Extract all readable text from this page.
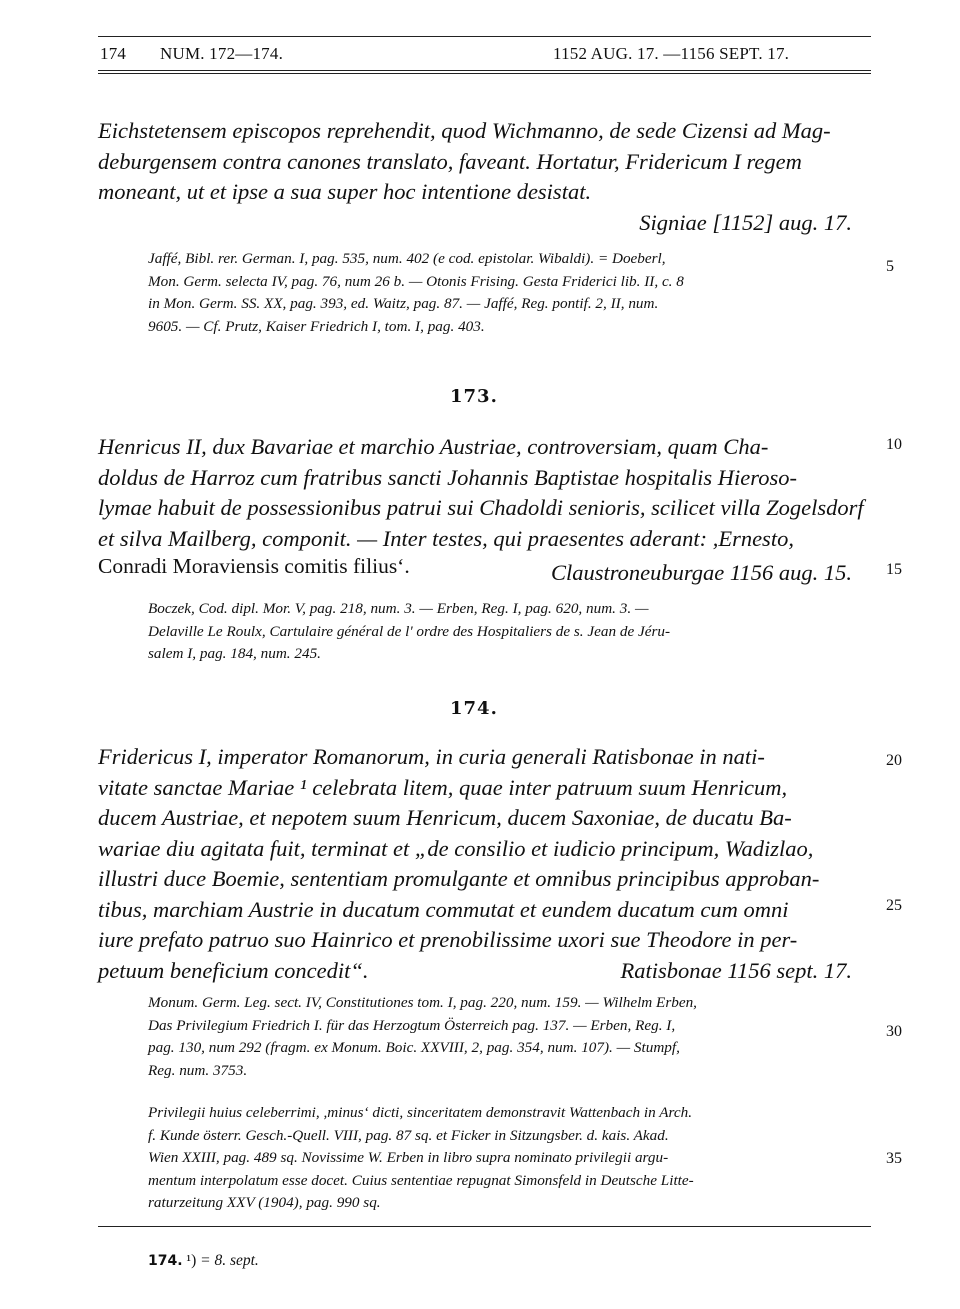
174 NUM. 172—174.	1152 AUG. 17. —1156 SEPT. 17.
Eichstetensem episcopos reprehendit, quod Wichmanno, de sede Cizensi ad Mag-
deburgensem contra canones translato, faveant. Hortatur, Fridericum I regem
moneant, ut et ipse a sua super hoc intentione desistat.
Signiae [1152] aug. 17.
Jaffé, Bibl. rer. German. I, pag. 535, num. 402 (e cod. epistolar. Wibaldi). = Doeberl,
Mon. Germ. selecta IV, pag. 76, num 26 b. — Otonis Frising. Gesta Friderici lib. II, c. 8
in Mon. Germ. SS. XX, pag. 393, ed. Waitz, pag. 87. — Jaffé, Reg. pontif. 2, II, num.
9605. — Cf. Prutz, Kaiser Friedrich I, tom. I, pag. 403.
5
173.
Henricus II, dux Bavariae et marchio Austriae, controversiam, quam Cha-
doldus de Harroz cum fratribus sancti Johannis Baptistae hospitalis Hieroso-
lymae habuit de possessionibus patrui sui Chadoldi senioris, scilicet villa Zogelsdorf
et silva Mailberg, componit. — Inter testes, qui praesentes aderant: ,Ernesto,
Conradi Moraviensis comitis filius‘.	Claustroneuburgae 1156 aug. 15.
10
15
Boczek, Cod. dipl. Mor. V, pag. 218, num. 3. — Erben, Reg. I, pag. 620, num. 3. —
Delaville Le Roulx, Cartulaire général de l' ordre des Hospitaliers de s. Jean de Jéru-
salem I, pag. 184, num. 245.
174.
Fridericus I, imperator Romanorum, in curia generali Ratisbonae in nati-
vitate sanctae Mariae ¹ celebrata litem, quae inter patruum suum Henricum,
ducem Austriae, et nepotem suum Henricum, ducem Saxoniae, de ducatu Ba-
wariae diu agitata fuit, terminat et „de consilio et iudicio principum, Wadizlao,
illustri duce Boemie, sententiam promulgante et omnibus principibus approban-
tibus, marchiam Austrie in ducatum commutat et eundem ducatum cum omni
iure prefato patruo suo Hainrico et prenobilissime uxori sue Theodore in per-
petuum beneficium concedit“.	Ratisbonae 1156 sept. 17.
20
25
Monum. Germ. Leg. sect. IV, Constitutiones tom. I, pag. 220, num. 159. — Wilhelm Erben,
Das Privilegium Friedrich I. für das Herzogtum Österreich pag. 137. — Erben, Reg. I,
pag. 130, num 292 (fragm. ex Monum. Boic. XXVIII, 2, pag. 354, num. 107). — Stumpf,
Reg. num. 3753.
30
Privilegii huius celeberrimi, ,minus‘ dicti, sinceritatem demonstravit Wattenbach in Arch.
f. Kunde österr. Gesch.-Quell. VIII, pag. 87 sq. et Ficker in Sitzungsber. d. kais. Akad.
Wien XXIII, pag. 489 sq. Novissime W. Erben in libro supra nominato privilegii argu-
mentum interpolatum esse docet. Cuius sententiae repugnat Simonsfeld in Deutsche Litte-
raturzeitung XXV (1904), pag. 990 sq.
35
174. ¹) = 8. sept.
